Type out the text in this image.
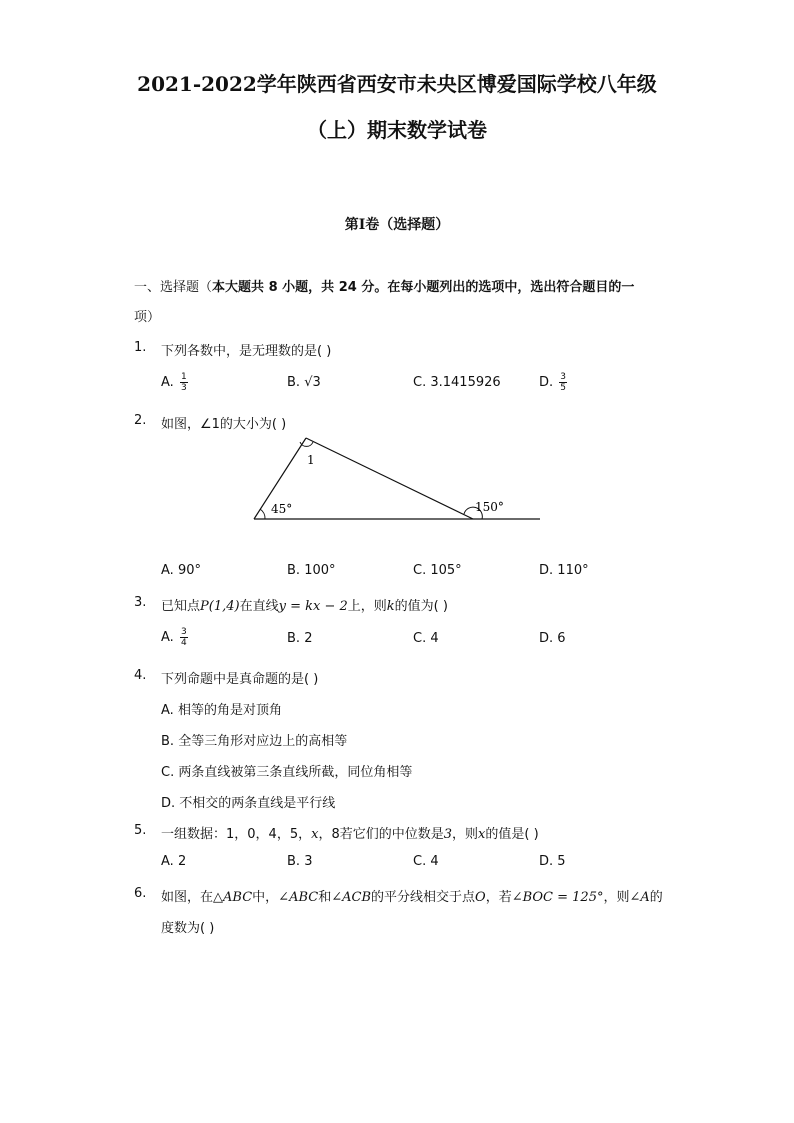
2021-2022学年陕西省西安市未央区博爱国际学校八年级
（上）期末数学试卷
第I卷（选择题）
一、选择题（本大题共 8 小题，共 24 分。在每小题列出的选项中，选出符合题目的一
项）
1. 下列各数中，是无理数的是( )
A. $\frac{1}{3}$	B. √3	C. 3.1415926	D. $\frac{3}{5}$
2. 如图，∠1的大小为( )
1
45°	150°
A. 90°	B. 100°	C. 105°	D. 110°
3. 已知点P(1,4)在直线y = kx − 2上，则k的值为( )
A. $\frac{3}{4}$	B. 2	C. 4	D. 6
4. 下列命题中是真命题的是( )
A. 相等的角是对顶角
B. 全等三角形对应边上的高相等
C. 两条直线被第三条直线所截，同位角相等
D. 不相交的两条直线是平行线
5. 一组数据：1，0，4，5，x，8若它们的中位数是3，则x的值是( )
A. 2	B. 3	C. 4	D. 5
6. 如图，在△ABC中，∠ABC和∠ACB的平分线相交于点O，若∠BOC = 125°，则∠A的
度数为( )
